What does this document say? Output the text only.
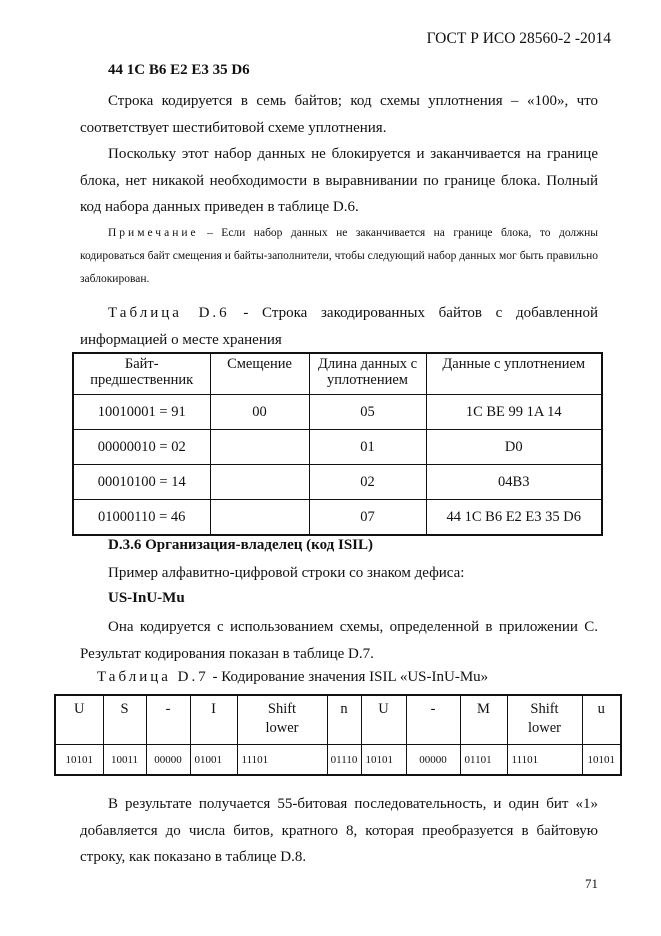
ГОСТ Р ИСО 28560-2 -2014
44 1C B6 E2 E3 35 D6
Строка кодируется в семь байтов; код схемы уплотнения – «100», что соответствует шестибитовой схеме уплотнения.
Поскольку этот набор данных не блокируется и заканчивается на границе блока, нет никакой необходимости в выравнивании по границе блока. Полный код набора данных приведен в таблице D.6.
Примечание – Если набор данных не заканчивается на границе блока, то должны кодироваться байт смещения и байты-заполнители, чтобы следующий набор данных мог быть правильно заблокирован.
Таблица D.6 - Строка закодированных байтов с добавленной информацией о месте хранения
Байт-предшественник	Смещение	Длина данных с уплотнением	Данные с уплотнением
10010001 = 91	00	05	1C BE 99 1A 14
00000010 = 02		01	D0
00010100 = 14		02	04B3
01000110 = 46		07	44 1C B6 E2 E3 35 D6
D.3.6 Организация-владелец (код ISIL)
Пример алфавитно-цифровой строки со знаком дефиса:
US-InU-Mu
Она кодируется с использованием схемы, определенной в приложении С. Результат кодирования показан в таблице D.7.
Таблица D.7 - Кодирование значения ISIL «US-InU-Mu»
U	S	-	I	Shift lower	n	U	-	M	Shift lower	u
10101	10011	00000	01001	11101	01110	10101	00000	01101	11101	10101
В результате получается 55-битовая последовательность, и один бит «1» добавляется до числа битов, кратного 8, которая преобразуется в байтовую строку, как показано в таблице D.8.
71
